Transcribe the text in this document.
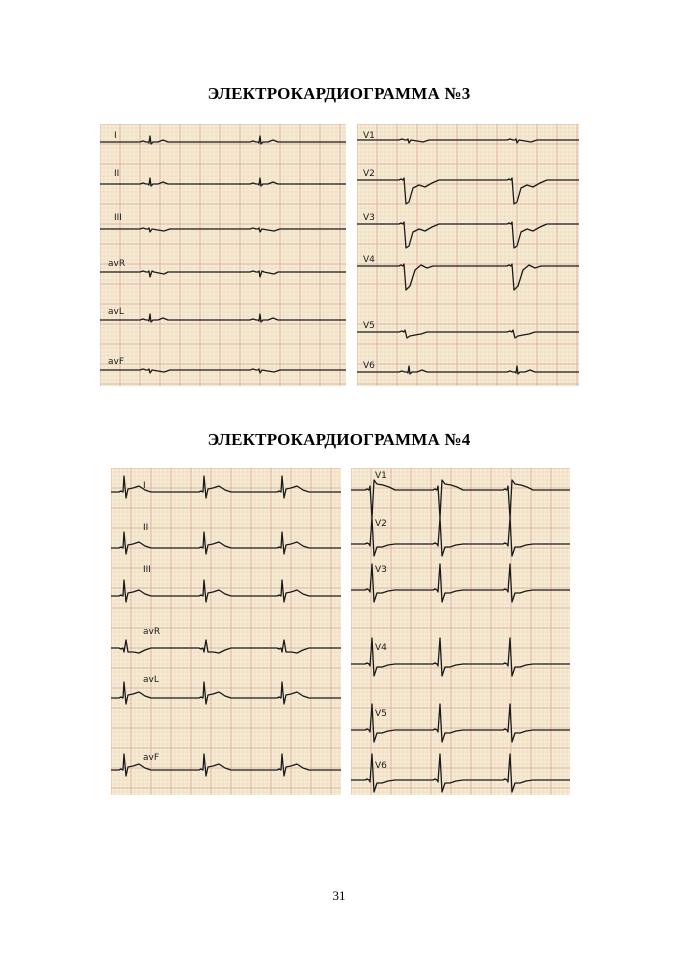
ЭЛЕКТРОКАРДИОГРАММА №3
I
II
III
avR
avL
avF
V1
V2
V3
V4
V5
V6
ЭЛЕКТРОКАРДИОГРАММА №4
I
II
III
avR
avL
avF
V1
V2
V3
V4
V5
V6
31
